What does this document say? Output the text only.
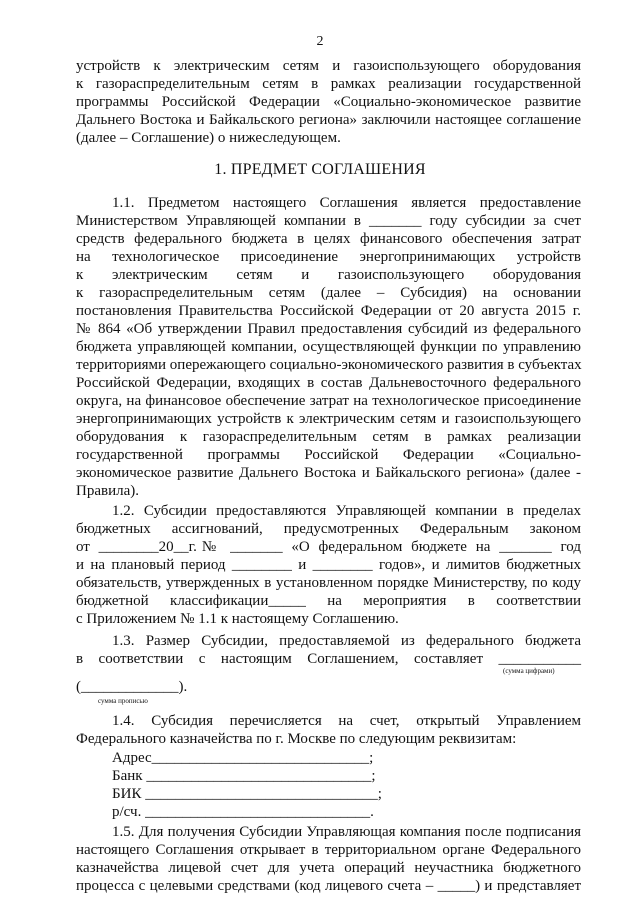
2
устройств к электрическим сетям и газоиспользующего оборудования
к газораспределительным сетям в рамках реализации государственной
программы Российской Федерации «Социально-экономическое развитие
Дальнего Востока и Байкальского региона» заключили настоящее соглашение
(далее – Соглашение) о нижеследующем.
1. ПРЕДМЕТ СОГЛАШЕНИЯ
1.1. Предметом настоящего Соглашения является предоставление
Министерством Управляющей компании в _______ году субсидии за счет
средств федерального бюджета в целях финансового обеспечения затрат
на технологическое присоединение энергопринимающих устройств
к электрическим сетям и газоиспользующего оборудования
к газораспределительным сетям (далее – Субсидия) на основании
постановления Правительства Российской Федерации от 20 августа 2015 г.
№ 864 «Об утверждении Правил предоставления субсидий из федерального
бюджета управляющей компании, осуществляющей функции по управлению
территориями опережающего социально-экономического развития в субъектах
Российской Федерации, входящих в состав Дальневосточного федерального
округа, на финансовое обеспечение затрат на технологическое присоединение
энергопринимающих устройств к электрическим сетям и газоиспользующего
оборудования к газораспределительным сетям в рамках реализации
государственной программы Российской Федерации «Социально-
экономическое развитие Дальнего Востока и Байкальского региона» (далее -
Правила).
1.2. Субсидии предоставляются Управляющей компании в пределах
бюджетных ассигнований, предусмотренных Федеральным законом
от ________20__г.№ _______ «О федеральном бюджете на _______ год
и на плановый период ________ и ________ годов», и лимитов бюджетных
обязательств, утвержденных в установленном порядке Министерству, по коду
бюджетной классификации_____ на мероприятия в соответствии
с Приложением № 1.1 к настоящему Соглашению.
1.3. Размер Субсидии, предоставляемой из федерального бюджета
в соответствии с настоящим Соглашением, составляет ___________
(сумма цифрами)
(_____________).
сумма прописью
1.4. Субсидия перечисляется на счет, открытый Управлением
Федерального казначейства по г. Москве по следующим реквизитам:
Адрес_____________________________;
Банк ______________________________;
БИК _______________________________;
р/сч. ______________________________.
1.5. Для получения Субсидии Управляющая компания после подписания
настоящего Соглашения открывает в территориальном органе Федерального
казначейства лицевой счет для учета операций неучастника бюджетного
процесса с целевыми средствами (код лицевого счета – _____) и представляет
